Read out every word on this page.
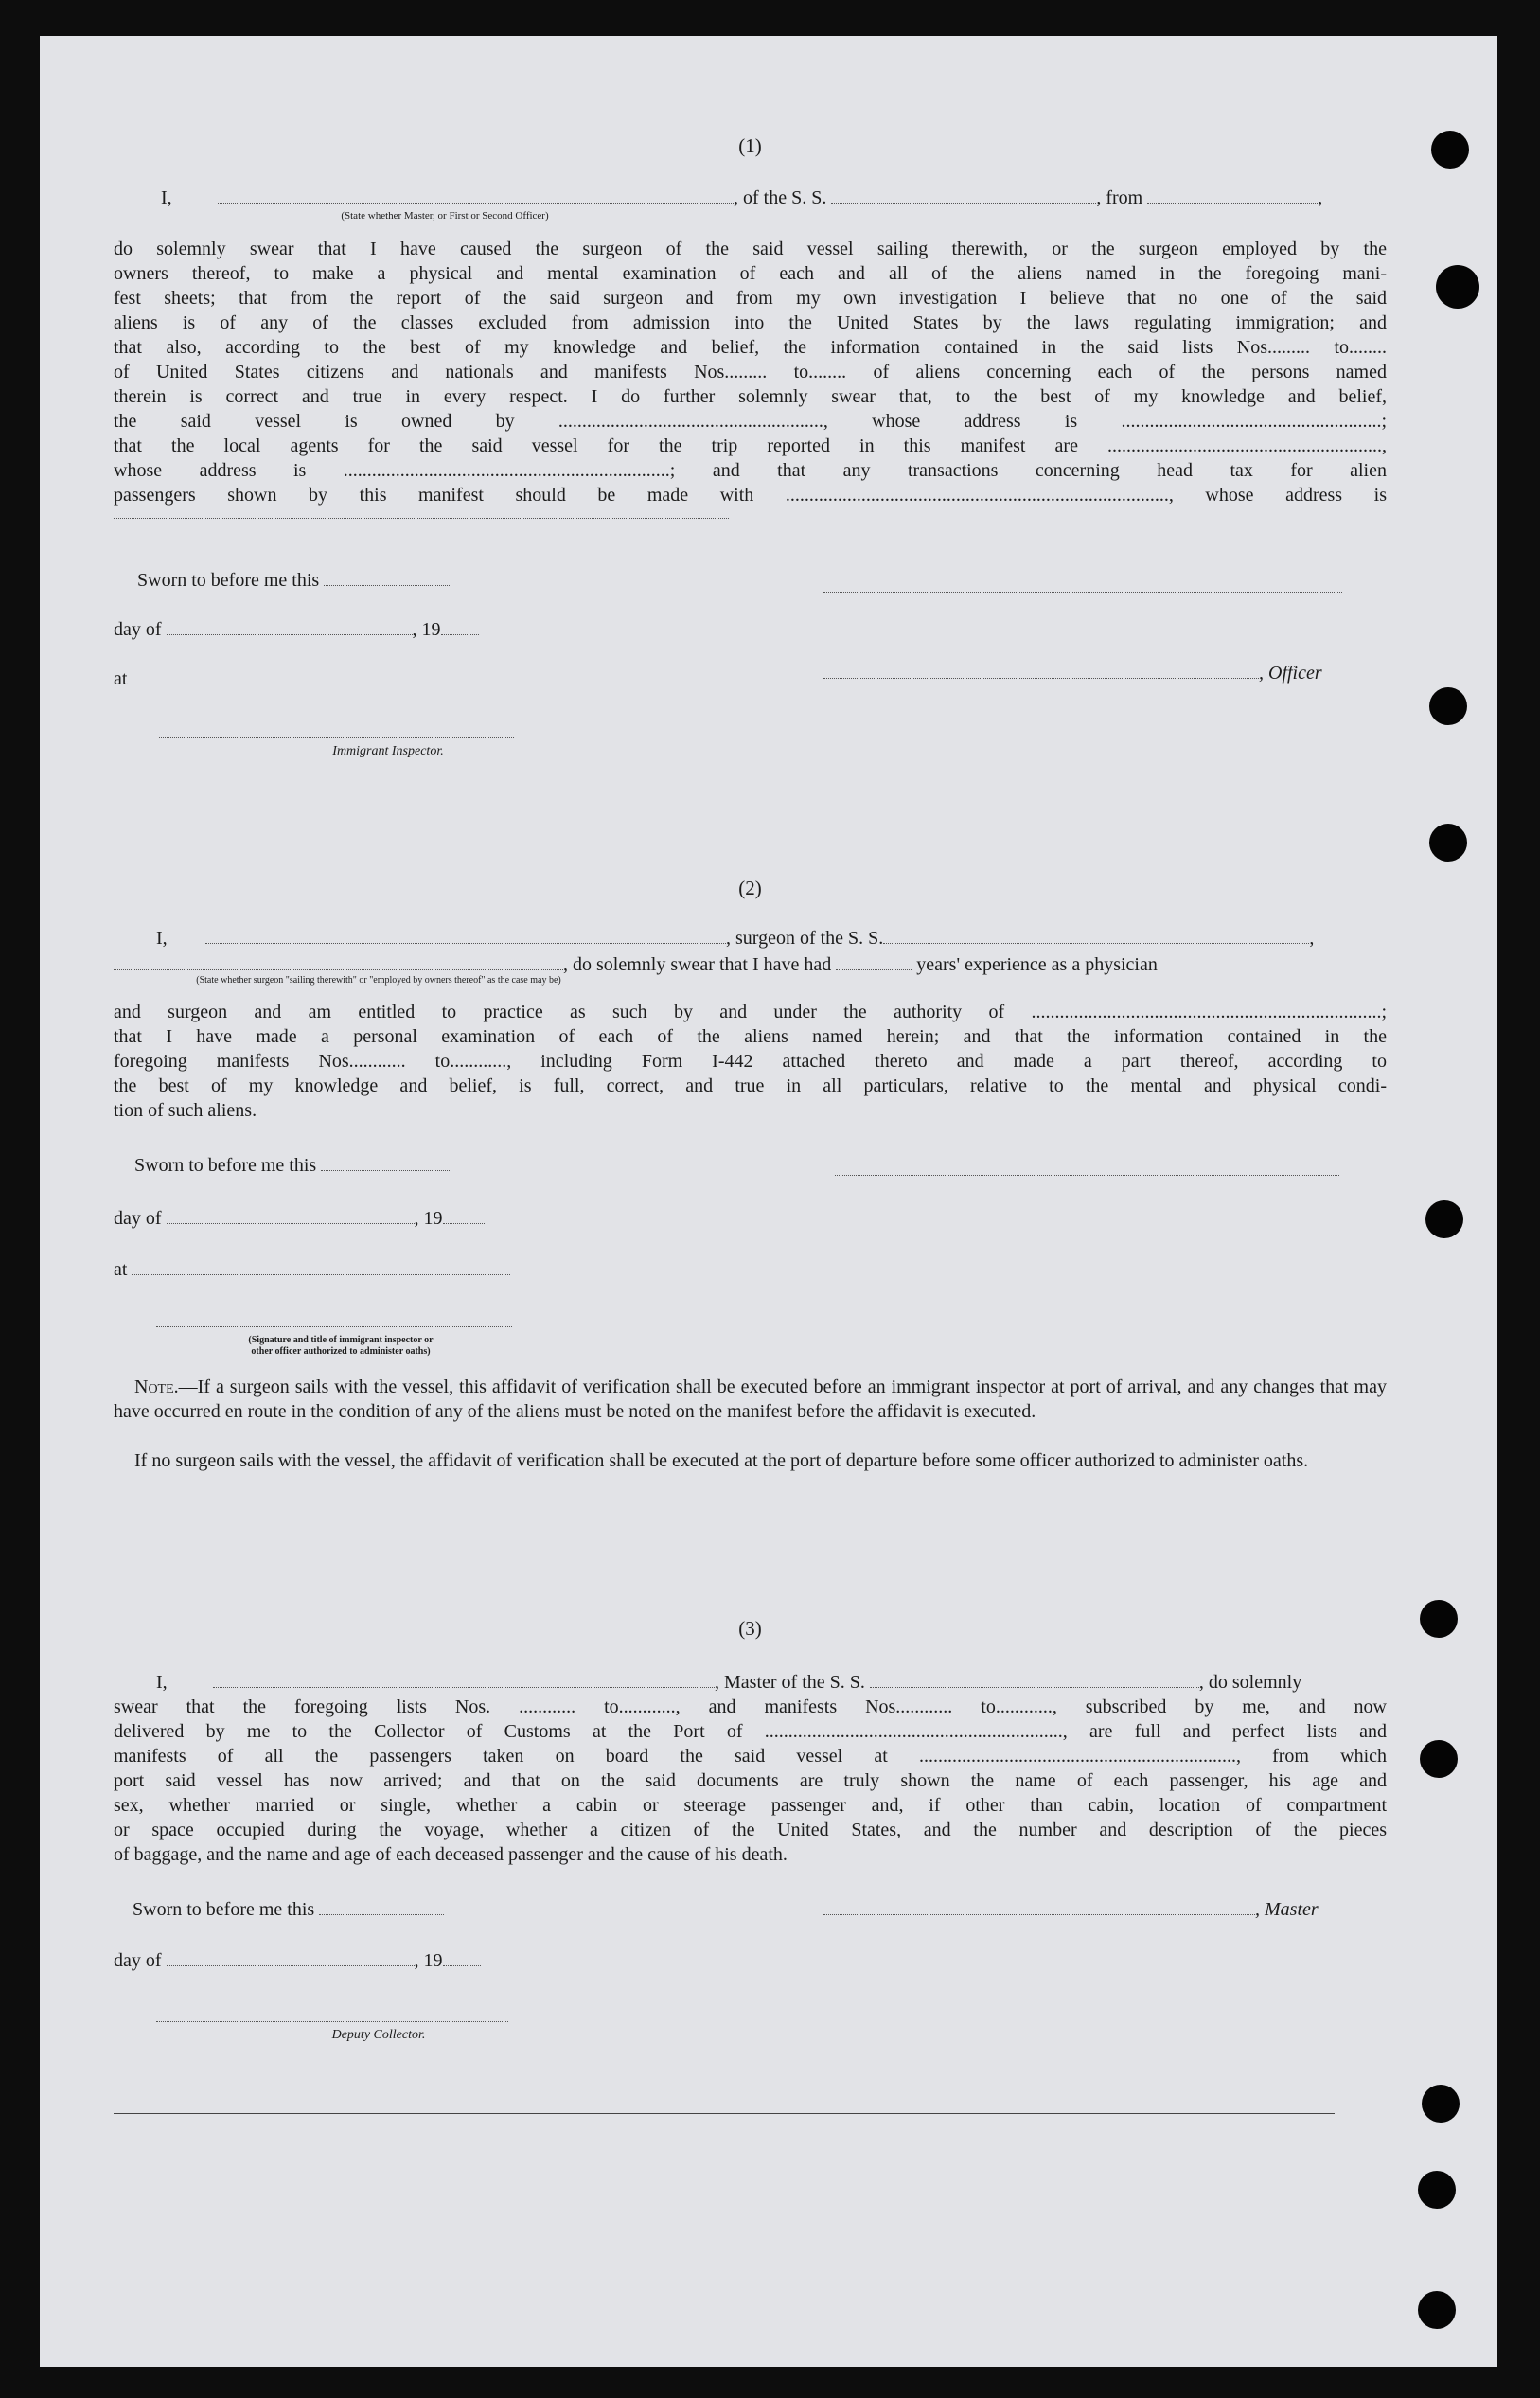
(1)
I,	, of the S. S.	, from	,
(State whether Master, or First or Second Officer)
do solemnly swear that I have caused the surgeon of the said vessel sailing therewith, or the surgeon employed by the
owners thereof, to make a physical and mental examination of each and all of the aliens named in the foregoing mani-
fest sheets; that from the report of the said surgeon and from my own investigation I believe that no one of the said
aliens is of any of the classes excluded from admission into the United States by the laws regulating immigration; and
that also, according to the best of my knowledge and belief, the information contained in the said lists Nos......... to........
of United States citizens and nationals and manifests Nos......... to........ of aliens concerning each of the persons named
therein is correct and true in every respect. I do further solemnly swear that, to the best of my knowledge and belief,
the said vessel is owned by ........................................................, whose address is .......................................................;
that the local agents for the said vessel for the trip reported in this manifest are ..........................................................,
whose address is .....................................................................; and that any transactions concerning head tax for alien
passengers shown by this manifest should be made with ................................................................................., whose address is
Sworn to before me this
day of	, 19
, Officer
at
Immigrant Inspector.
(2)
I,	, surgeon of the S. S.	,
, do solemnly swear that I have had	years' experience as a physician
(State whether surgeon "sailing therewith" or "employed by owners thereof" as the case may be)
and surgeon and am entitled to practice as such by and under the authority of ..........................................................................;
that I have made a personal examination of each of the aliens named herein; and that the information contained in the
foregoing manifests Nos............ to............, including Form I-442 attached thereto and made a part thereof, according to
the best of my knowledge and belief, is full, correct, and true in all particulars, relative to the mental and physical condi-
tion of such aliens.
Sworn to before me this
day of	, 19
at
(Signature and title of immigrant inspector or
other officer authorized to administer oaths)
Note.—If a surgeon sails with the vessel, this affidavit of verification shall be executed before an immigrant inspector at port of arrival, and any changes that may have occurred en route in the condition of any of the aliens must be noted on the manifest before the affidavit is executed.
If no surgeon sails with the vessel, the affidavit of verification shall be executed at the port of departure before some officer authorized to administer oaths.
(3)
I,	, Master of the S. S.	, do solemnly
swear that the foregoing lists Nos. ............ to............, and manifests Nos............ to............, subscribed by me, and now
delivered by me to the Collector of Customs at the Port of ..............................................................., are full and perfect lists and
manifests of all the passengers taken on board the said vessel at ..................................................................., from which
port said vessel has now arrived; and that on the said documents are truly shown the name of each passenger, his age and
sex, whether married or single, whether a cabin or steerage passenger and, if other than cabin, location of compartment
or space occupied during the voyage, whether a citizen of the United States, and the number and description of the pieces
of baggage, and the name and age of each deceased passenger and the cause of his death.
Sworn to before me this	, Master
day of	, 19
Deputy Collector.
